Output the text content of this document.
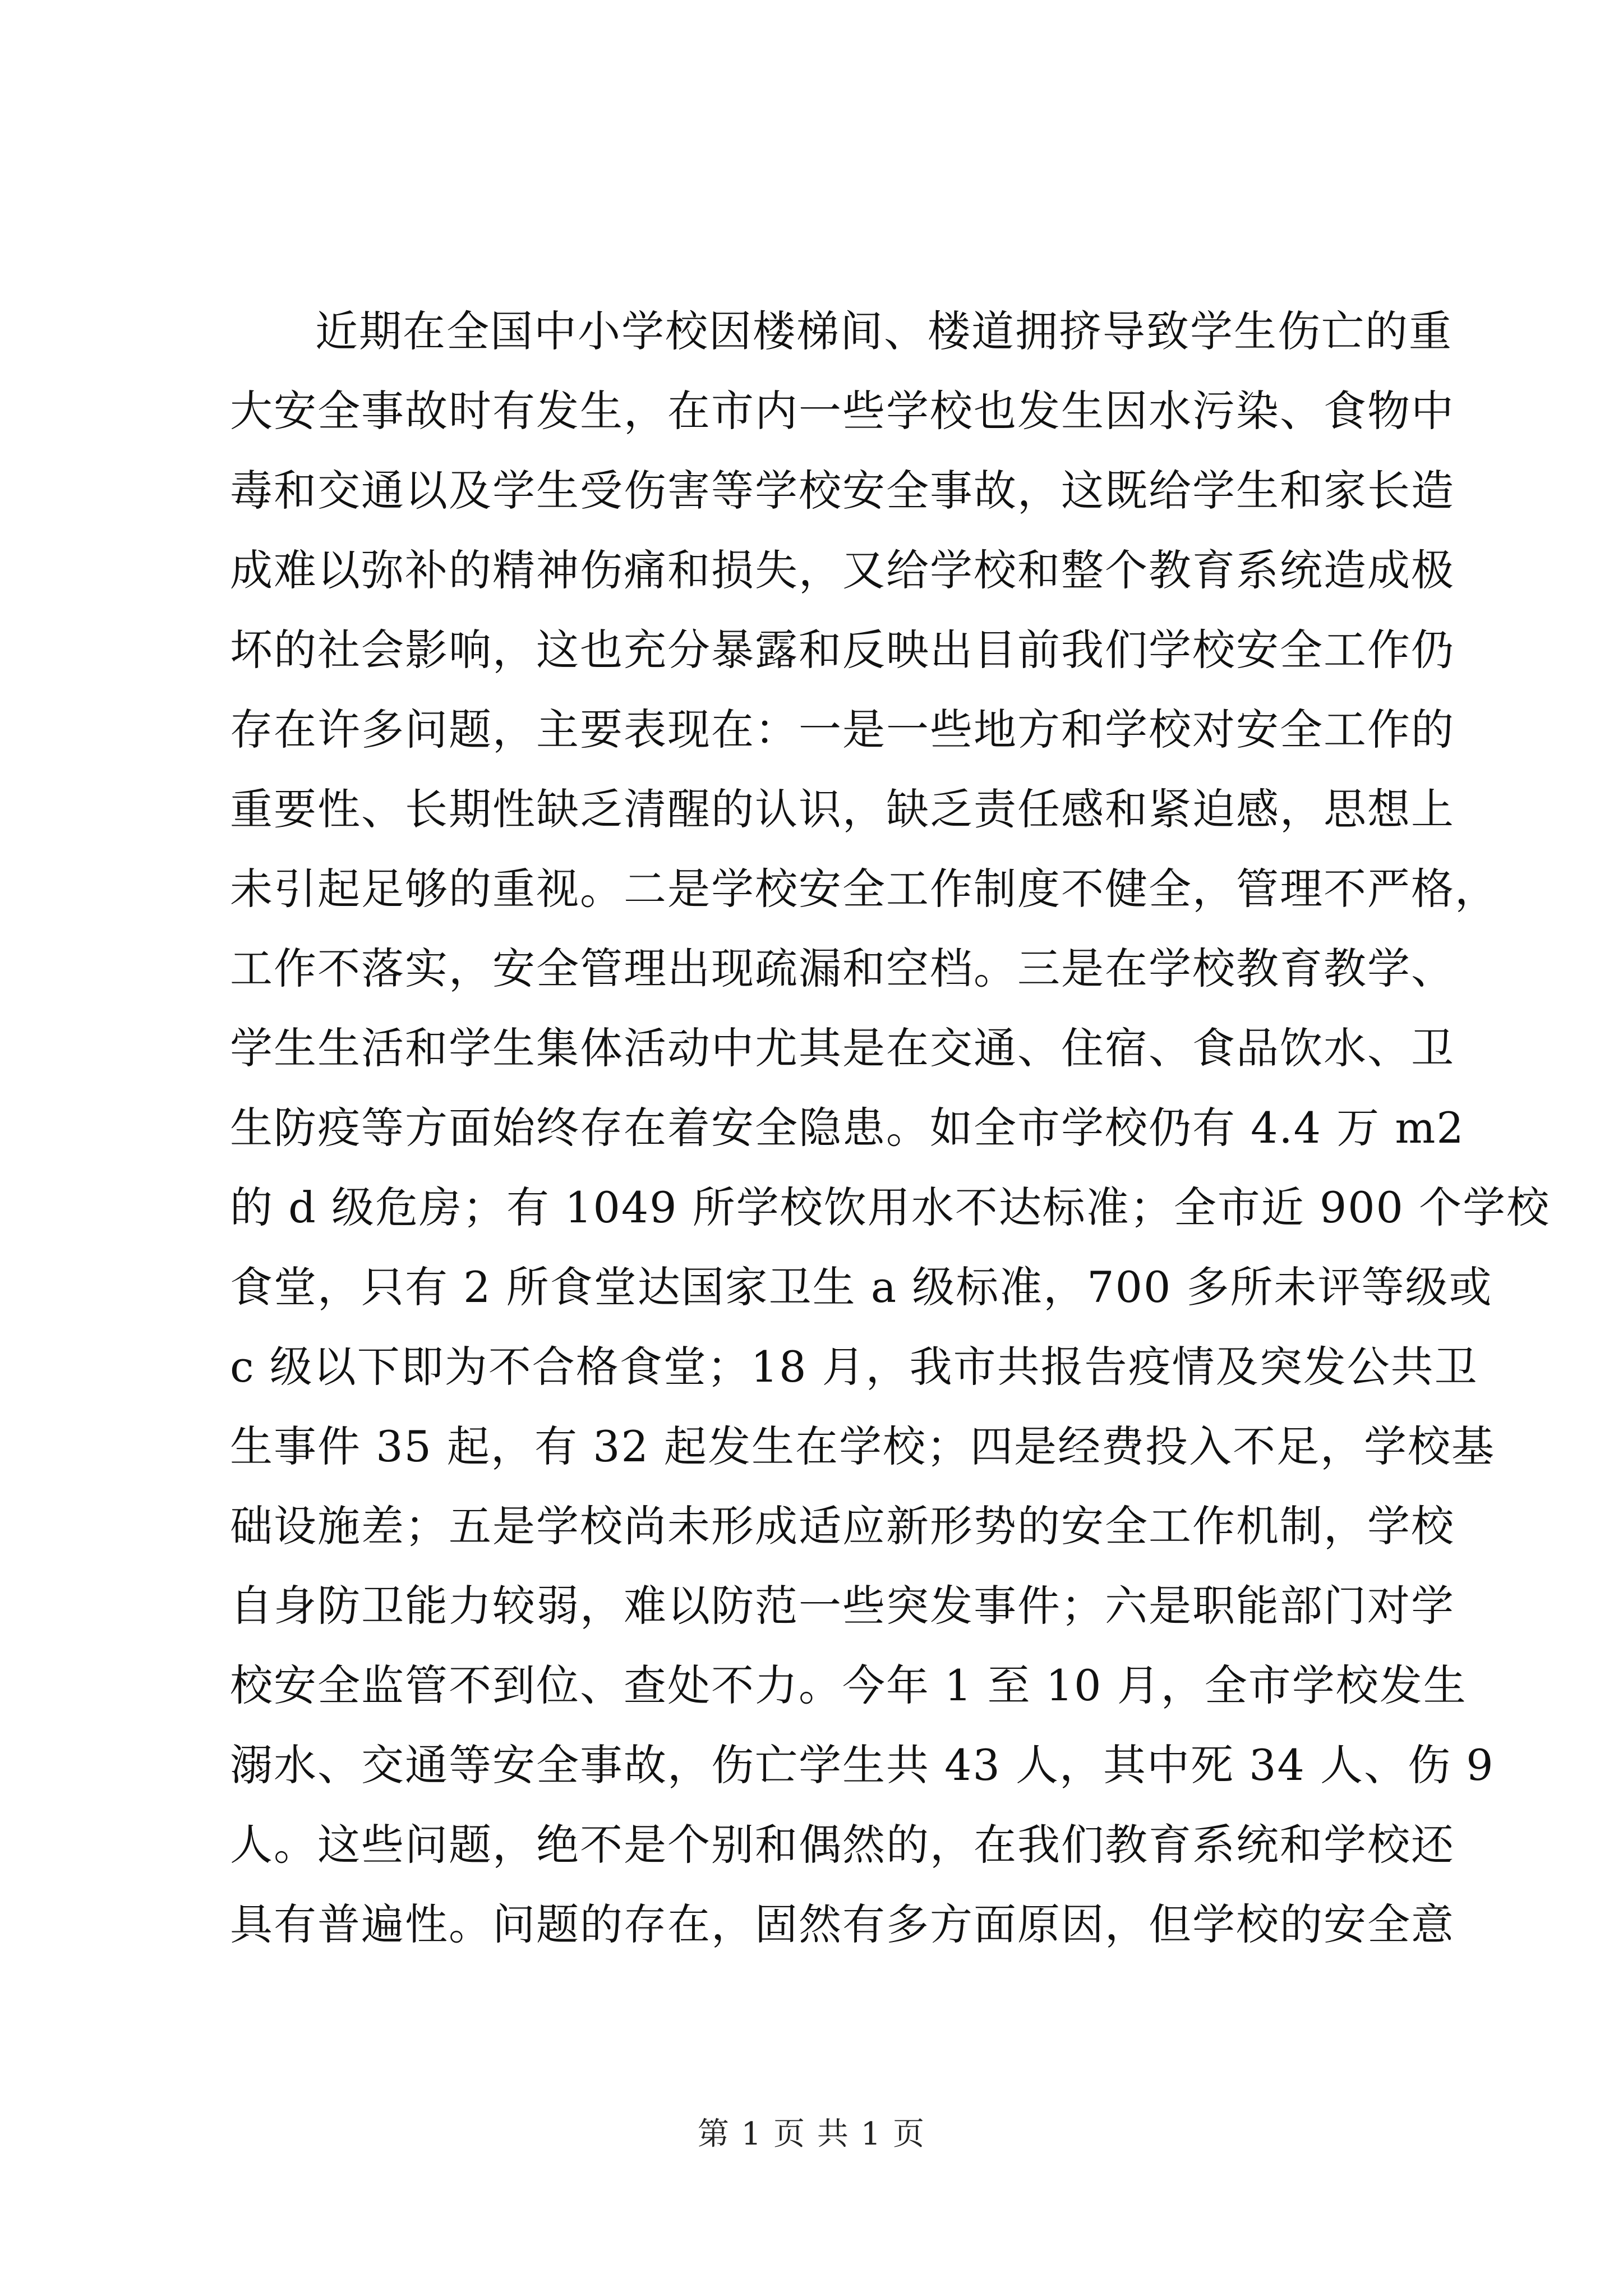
近期在全国中小学校因楼梯间、楼道拥挤导致学生伤亡的重
大安全事故时有发生，在市内一些学校也发生因水污染、食物中
毒和交通以及学生受伤害等学校安全事故，这既给学生和家长造
成难以弥补的精神伤痛和损失，又给学校和整个教育系统造成极
坏的社会影响，这也充分暴露和反映出目前我们学校安全工作仍
存在许多问题，主要表现在：一是一些地方和学校对安全工作的
重要性、长期性缺乏清醒的认识，缺乏责任感和紧迫感，思想上
未引起足够的重视。二是学校安全工作制度不健全，管理不严格，
工作不落实，安全管理出现疏漏和空档。三是在学校教育教学、
学生生活和学生集体活动中尤其是在交通、住宿、食品饮水、卫
生防疫等方面始终存在着安全隐患。如全市学校仍有 4.4 万 m2
的 d 级危房；有 1049 所学校饮用水不达标准；全市近 900 个学校
食堂，只有 2 所食堂达国家卫生 a 级标准，700 多所未评等级或
c 级以下即为不合格食堂；18 月，我市共报告疫情及突发公共卫
生事件 35 起，有 32 起发生在学校；四是经费投入不足，学校基
础设施差；五是学校尚未形成适应新形势的安全工作机制，学校
自身防卫能力较弱，难以防范一些突发事件；六是职能部门对学
校安全监管不到位、查处不力。今年 1 至 10 月，全市学校发生
溺水、交通等安全事故，伤亡学生共 43 人，其中死 34 人、伤 9
人。这些问题，绝不是个别和偶然的，在我们教育系统和学校还
具有普遍性。问题的存在，固然有多方面原因，但学校的安全意
第 1 页 共 1 页
